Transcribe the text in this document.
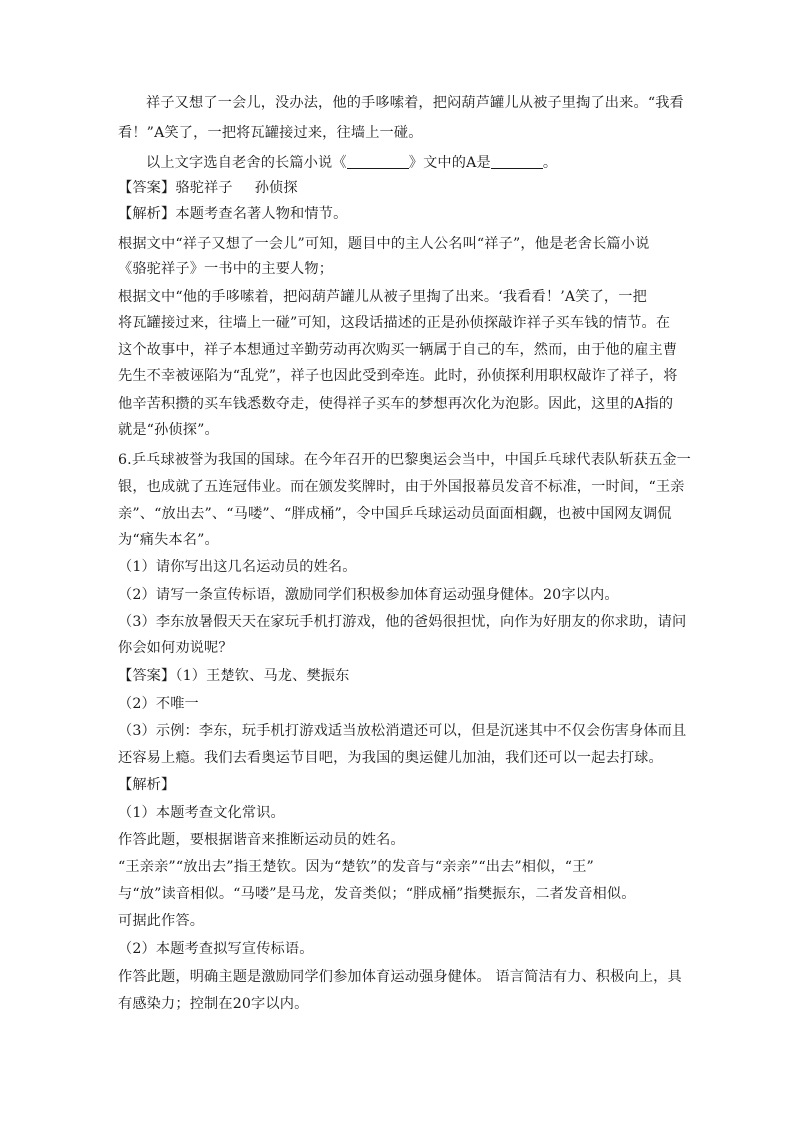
祥子又想了一会儿，没办法，他的手哆嗦着，把闷葫芦罐儿从被子里掏了出来。“我看

看！”A笑了，一把将瓦罐接过来，往墙上一碰。

以上文字选自老舍的长篇小说《	》文中的A是	。

【答案】骆驼祥子 孙侦探

【解析】本题考查名著人物和情节。

根据文中“祥子又想了一会儿”可知，题目中的主人公名叫“祥子”，他是老舍长篇小说

《骆驼祥子》一书中的主要人物；

根据文中“他的手哆嗦着，把闷葫芦罐儿从被子里掏了出来。‘我看看！’A笑了，一把

将瓦罐接过来，往墙上一碰”可知，这段话描述的正是孙侦探敲诈祥子买车钱的情节。在

这个故事中，祥子本想通过辛勤劳动再次购买一辆属于自己的车，然而，由于他的雇主曹

先生不幸被诬陷为“乱党”，祥子也因此受到牵连。此时，孙侦探利用职权敲诈了祥子，将

他辛苦积攒的买车钱悉数夺走，使得祥子买车的梦想再次化为泡影。因此，这里的A指的

就是“孙侦探”。

6.乒乓球被誉为我国的国球。在今年召开的巴黎奥运会当中，中国乒乓球代表队斩获五金一

银，也成就了五连冠伟业。而在颁发奖牌时，由于外国报幕员发音不标准，一时间，“王亲

亲”、“放出去”、“马喽”、“胖成桶”，令中国乒乓球运动员面面相觑，也被中国网友调侃

为“痛失本名”。

（1）请你写出这几名运动员的姓名。

（2）请写一条宣传标语，激励同学们积极参加体育运动强身健体。20字以内。

（3）李东放暑假天天在家玩手机打游戏，他的爸妈很担忧，向作为好朋友的你求助，请问

你会如何劝说呢？

【答案】（1）王楚钦、马龙、樊振东

（2）不唯一

（3）示例：李东，玩手机打游戏适当放松消遣还可以，但是沉迷其中不仅会伤害身体而且

还容易上瘾。我们去看奥运节目吧，为我国的奥运健儿加油，我们还可以一起去打球。

【解析】

（1）本题考查文化常识。

作答此题，要根据谐音来推断运动员的姓名。

“王亲亲”“放出去”指王楚钦。因为“楚钦”的发音与“亲亲”“出去”相似，“王”

与“放”读音相似。“马喽”是马龙，发音类似；“胖成桶”指樊振东，二者发音相似。

可据此作答。

（2）本题考查拟写宣传标语。

作答此题，明确主题是激励同学们参加体育运动强身健体。 语言简洁有力、积极向上，具

有感染力；控制在20字以内。
